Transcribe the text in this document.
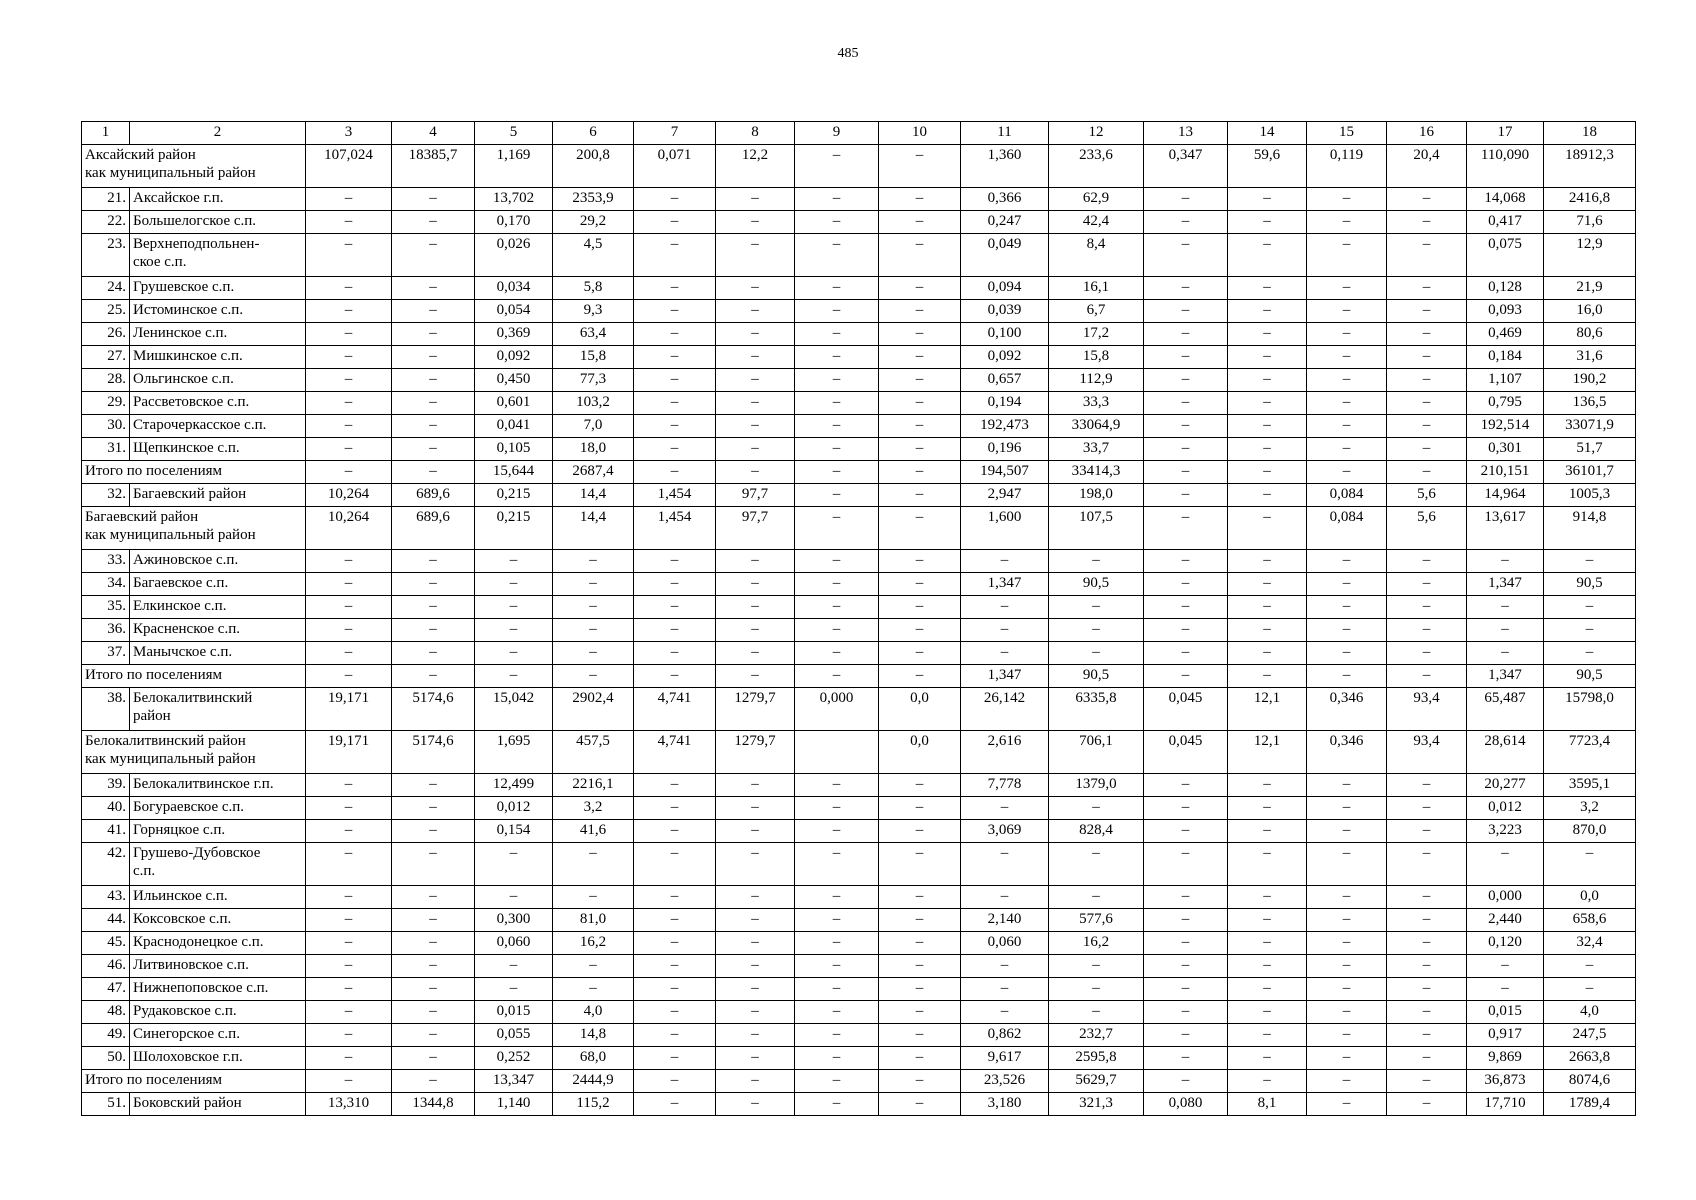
485
1	2	3	4	5	6	7	8	9	10	11	12	13	14	15	16	17	18
Аксайский район
как муниципальный район		107,024	18385,7	1,169	200,8	0,071	12,2	–	–	1,360	233,6	0,347	59,6	0,119	20,4	110,090	18912,3
21.	Аксайское г.п.	–	–	13,702	2353,9	–	–	–	–	0,366	62,9	–	–	–	–	14,068	2416,8
22.	Большелогское с.п.	–	–	0,170	29,2	–	–	–	–	0,247	42,4	–	–	–	–	0,417	71,6
23.	Верхнеподпольнен-
ское с.п.	–	–	0,026	4,5	–	–	–	–	0,049	8,4	–	–	–	–	0,075	12,9
24.	Грушевское с.п.	–	–	0,034	5,8	–	–	–	–	0,094	16,1	–	–	–	–	0,128	21,9
25.	Истоминское с.п.	–	–	0,054	9,3	–	–	–	–	0,039	6,7	–	–	–	–	0,093	16,0
26.	Ленинское с.п.	–	–	0,369	63,4	–	–	–	–	0,100	17,2	–	–	–	–	0,469	80,6
27.	Мишкинское с.п.	–	–	0,092	15,8	–	–	–	–	0,092	15,8	–	–	–	–	0,184	31,6
28.	Ольгинское с.п.	–	–	0,450	77,3	–	–	–	–	0,657	112,9	–	–	–	–	1,107	190,2
29.	Рассветовское с.п.	–	–	0,601	103,2	–	–	–	–	0,194	33,3	–	–	–	–	0,795	136,5
30.	Старочеркасское с.п.	–	–	0,041	7,0	–	–	–	–	192,473	33064,9	–	–	–	–	192,514	33071,9
31.	Щепкинское с.п.	–	–	0,105	18,0	–	–	–	–	0,196	33,7	–	–	–	–	0,301	51,7
Итого по поселениям		–	–	15,644	2687,4	–	–	–	–	194,507	33414,3	–	–	–	–	210,151	36101,7
32.	Багаевский район	10,264	689,6	0,215	14,4	1,454	97,7	–	–	2,947	198,0	–	–	0,084	5,6	14,964	1005,3
Багаевский район
как муниципальный район		10,264	689,6	0,215	14,4	1,454	97,7	–	–	1,600	107,5	–	–	0,084	5,6	13,617	914,8
33.	Ажиновское с.п.	–	–	–	–	–	–	–	–	–	–	–	–	–	–	–	–
34.	Багаевское с.п.	–	–	–	–	–	–	–	–	1,347	90,5	–	–	–	–	1,347	90,5
35.	Елкинское с.п.	–	–	–	–	–	–	–	–	–	–	–	–	–	–	–	–
36.	Красненское с.п.	–	–	–	–	–	–	–	–	–	–	–	–	–	–	–	–
37.	Манычское с.п.	–	–	–	–	–	–	–	–	–	–	–	–	–	–	–	–
Итого по поселениям		–	–	–	–	–	–	–	–	1,347	90,5	–	–	–	–	1,347	90,5
38.	Белокалитвинский
район	19,171	5174,6	15,042	2902,4	4,741	1279,7	0,000	0,0	26,142	6335,8	0,045	12,1	0,346	93,4	65,487	15798,0
Белокалитвинский район
как муниципальный район		19,171	5174,6	1,695	457,5	4,741	1279,7		0,0	2,616	706,1	0,045	12,1	0,346	93,4	28,614	7723,4
39.	Белокалитвинское г.п.	–	–	12,499	2216,1	–	–	–	–	7,778	1379,0	–	–	–	–	20,277	3595,1
40.	Богураевское с.п.	–	–	0,012	3,2	–	–	–	–	–	–	–	–	–	–	0,012	3,2
41.	Горняцкое с.п.	–	–	0,154	41,6	–	–	–	–	3,069	828,4	–	–	–	–	3,223	870,0
42.	Грушево-Дубовское
с.п.	–	–	–	–	–	–	–	–	–	–	–	–	–	–	–	–
43.	Ильинское с.п.	–	–	–	–	–	–	–	–	–	–	–	–	–	–	0,000	0,0
44.	Коксовское с.п.	–	–	0,300	81,0	–	–	–	–	2,140	577,6	–	–	–	–	2,440	658,6
45.	Краснодонецкое с.п.	–	–	0,060	16,2	–	–	–	–	0,060	16,2	–	–	–	–	0,120	32,4
46.	Литвиновское с.п.	–	–	–	–	–	–	–	–	–	–	–	–	–	–	–	–
47.	Нижнепоповское с.п.	–	–	–	–	–	–	–	–	–	–	–	–	–	–	–	–
48.	Рудаковское с.п.	–	–	0,015	4,0	–	–	–	–	–	–	–	–	–	–	0,015	4,0
49.	Синегорское с.п.	–	–	0,055	14,8	–	–	–	–	0,862	232,7	–	–	–	–	0,917	247,5
50.	Шолоховское г.п.	–	–	0,252	68,0	–	–	–	–	9,617	2595,8	–	–	–	–	9,869	2663,8
Итого по поселениям		–	–	13,347	2444,9	–	–	–	–	23,526	5629,7	–	–	–	–	36,873	8074,6
51.	Боковский район	13,310	1344,8	1,140	115,2	–	–	–	–	3,180	321,3	0,080	8,1	–	–	17,710	1789,4
